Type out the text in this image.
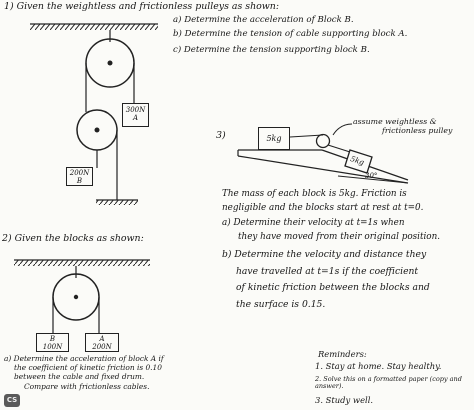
1) Given the weightless and frictionless pulleys as shown:
a) Determine the acceleration of Block B.
b) Determine the tension of cable supporting block A.
c) Determine the tension supporting block B.
300N
A
200N
B
3)	5kg
5kg
30°
assume weightless &
frictionless pulley
The mass of each block is 5kg. Friction is
negligible and the blocks start at rest at t=0.
a) Determine their velocity at t=1s when
they have moved from their original position.
b) Determine the velocity and distance they
have travelled at t=1s if the coefficient
of kinetic friction between the blocks and
the surface is 0.15.
2) Given the blocks as shown:
B
100N
A
200N
a) Determine the acceleration of block A if
the coefficient of kinetic friction is 0.10
between the cable and fixed drum.
Compare with frictionless cables.
Reminders:
1. Stay at home. Stay healthy.
2. Solve this on a formatted paper (copy and answer).
3. Study well.
CS
